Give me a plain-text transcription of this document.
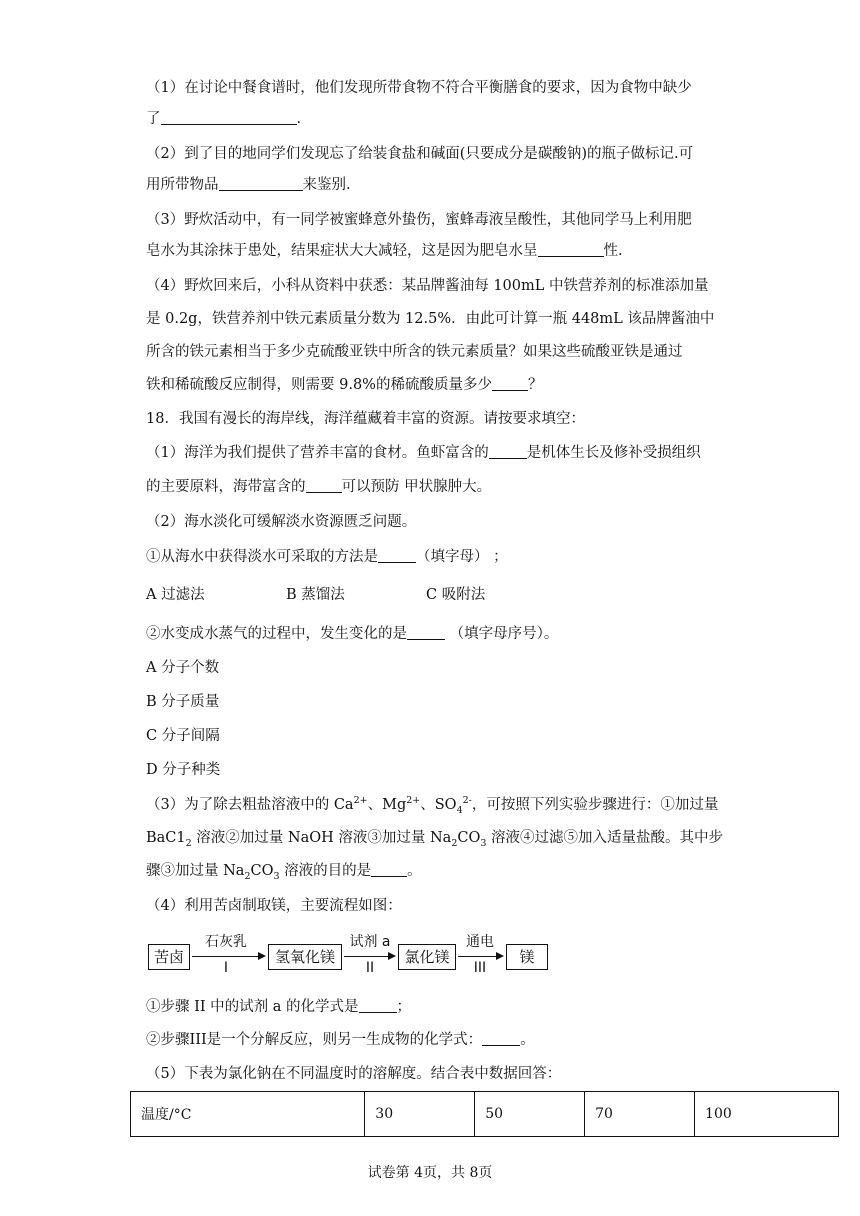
（1）在讨论中餐食谱时，他们发现所带食物不符合平衡膳食的要求，因为食物中缺少
了	.
（2）到了目的地同学们发现忘了给装食盐和碱面(只要成分是碳酸钠)的瓶子做标记.可
用所带物品	来鉴别.
（3）野炊活动中，有一同学被蜜蜂意外蛰伤，蜜蜂毒液呈酸性，其他同学马上利用肥
皂水为其涂抹于患处，结果症状大大减轻，这是因为肥皂水呈	性.
（4）野炊回来后，小科从资料中获悉：某品牌酱油每 100mL 中铁营养剂的标准添加量
是 0.2g，铁营养剂中铁元素质量分数为 12.5%．由此可计算一瓶 448mL 该品牌酱油中
所含的铁元素相当于多少克硫酸亚铁中所含的铁元素质量？如果这些硫酸亚铁是通过
铁和稀硫酸反应制得，则需要 9.8%的稀硫酸质量多少 ？
18．我国有漫长的海岸线，海洋蕴藏着丰富的资源。请按要求填空：
（1）海洋为我们提供了营养丰富的食材。鱼虾富含的	是机体生长及修补受损组织
的主要原料，海带富含的 可以预防 甲状腺肿大。
（2）海水淡化可缓解淡水资源匮乏问题。
①从海水中获得淡水可采取的方法是	（填字母） ；
A 过滤法	B 蒸馏法	C 吸附法
②水变成水蒸气的过程中，发生变化的是	（填字母序号）。
A 分子个数
B 分子质量
C 分子间隔
D 分子种类
（3）为了除去粗盐溶液中的 $Ca^{2+}$、$Mg^{2+}$、$SO_4^{2-}$，可按照下列实验步骤进行：①加过量
$BaC1_2$ 溶液②加过量 NaOH 溶液③加过量 $Na_2CO_3$ 溶液④过滤⑤加入适量盐酸。其中步
骤③加过量 $Na_2CO_3$ 溶液的目的是 。
（4）利用苦卤制取镁，主要流程如图：
苦卤
石灰乳
I
氢氧化镁
试剂 a
II
氯化镁
通电
III
镁
①步骤 II 中的试剂 a 的化学式是	；
②步骤III是一个分解反应，则另一生成物的化学式：	。
（5）下表为氯化钠在不同温度时的溶解度。结合表中数据回答：
温度/°C	30	50	70	100
试卷第 4页，共 8页
